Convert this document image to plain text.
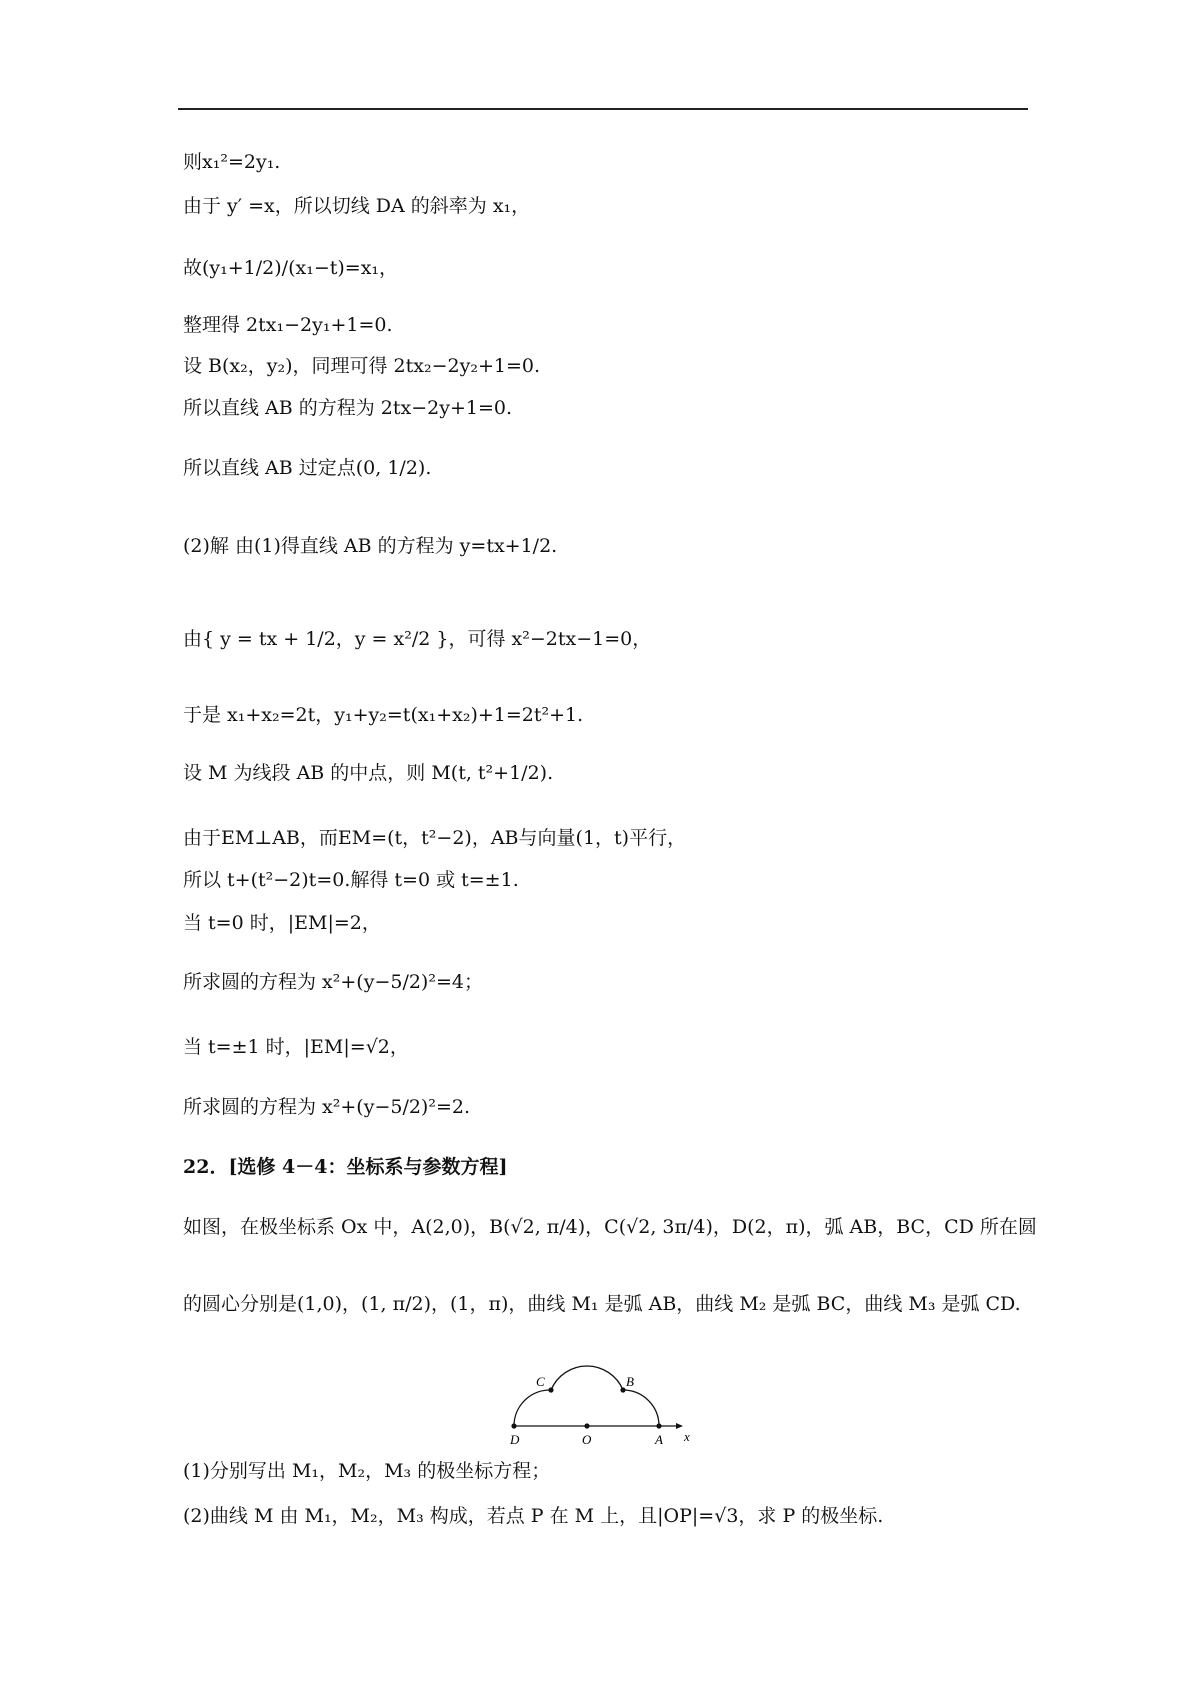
则x₁²=2y₁.
由于 y′ =x，所以切线 DA 的斜率为 x₁，
故(y₁+1/2)/(x₁−t)=x₁，
整理得 2tx₁−2y₁+1=0.
设 B(x₂，y₂)，同理可得 2tx₂−2y₂+1=0.
所以直线 AB 的方程为 2tx−2y+1=0.
所以直线 AB 过定点(0, 1/2).
(2)解 由(1)得直线 AB 的方程为 y=tx+1/2.
由{ y = tx + 1/2，y = x²/2 }，可得 x²−2tx−1=0，
于是 x₁+x₂=2t，y₁+y₂=t(x₁+x₂)+1=2t²+1.
设 M 为线段 AB 的中点，则 M(t, t²+1/2).
由于EM⊥AB，而EM=(t，t²−2)，AB与向量(1，t)平行，
所以 t+(t²−2)t=0.解得 t=0 或 t=±1.
当 t=0 时，|EM|=2，
所求圆的方程为 x²+(y−5/2)²=4；
当 t=±1 时，|EM|=√2，
所求圆的方程为 x²+(y−5/2)²=2.
22．[选修 4－4：坐标系与参数方程]
如图，在极坐标系 Ox 中，A(2,0)，B(√2, π/4)，C(√2, 3π/4)，D(2，π)，弧 AB，BC，CD 所在圆
的圆心分别是(1,0)，(1, π/2)，(1，π)，曲线 M₁ 是弧 AB，曲线 M₂ 是弧 BC，曲线 M₃ 是弧 CD.
C	B
D	O	A x
(1)分别写出 M₁，M₂，M₃ 的极坐标方程；
(2)曲线 M 由 M₁，M₂，M₃ 构成，若点 P 在 M 上，且|OP|=√3，求 P 的极坐标.
